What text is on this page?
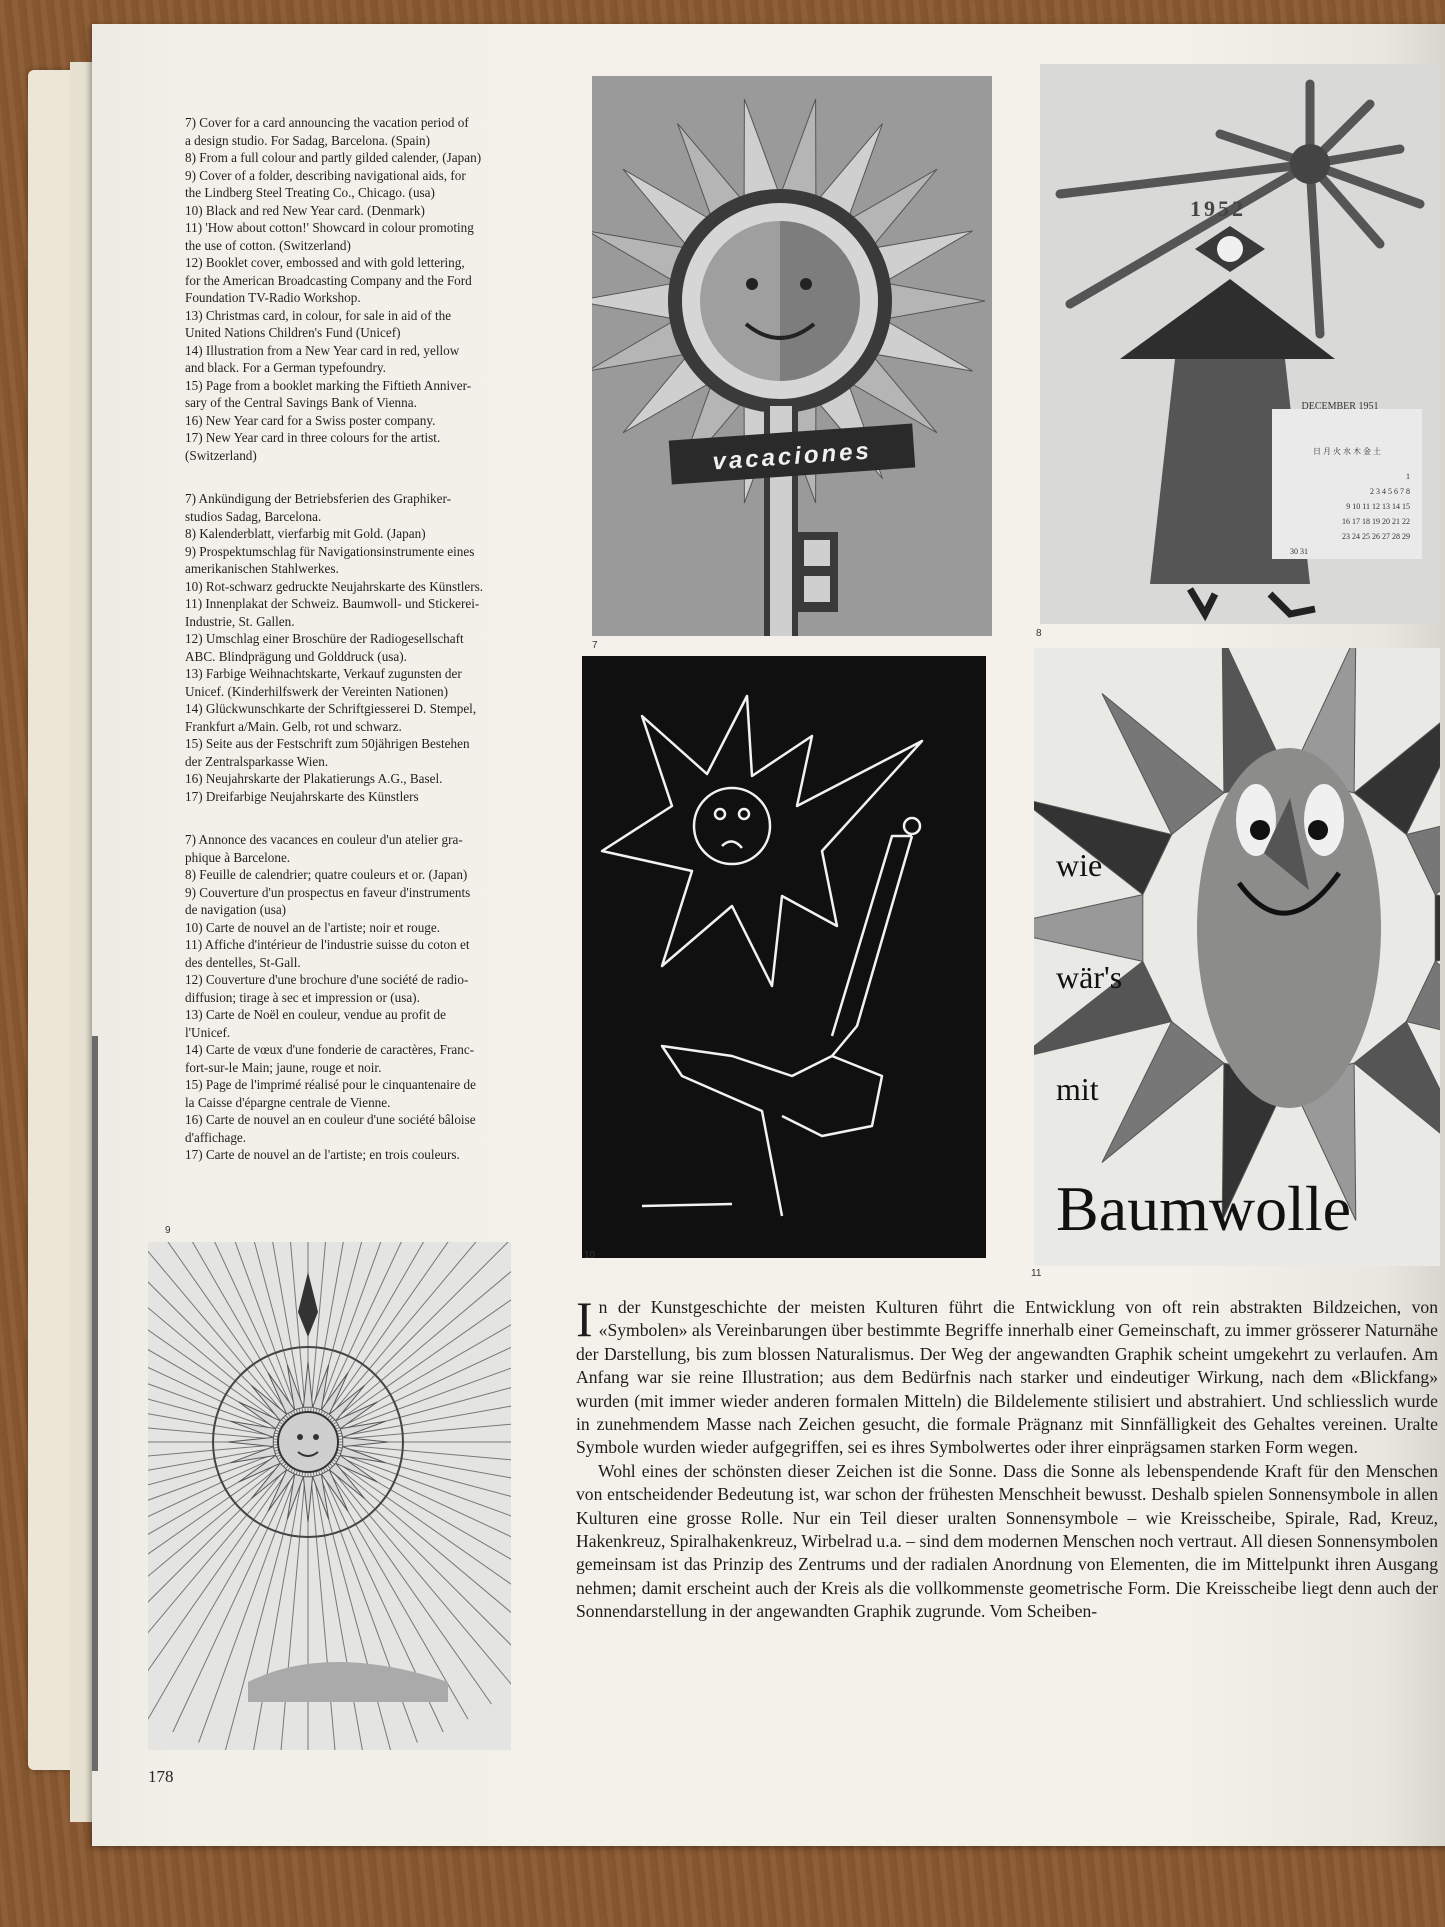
7) Cover for a card announcing the vacation period of

a design studio. For Sadag, Barcelona. (Spain)

8) From a full colour and partly gilded calender, (Japan)

9) Cover of a folder, describing navigational aids, for

the Lindberg Steel Treating Co., Chicago. (usa)

10) Black and red New Year card. (Denmark)

11) 'How about cotton!' Showcard in colour promoting

the use of cotton. (Switzerland)

12) Booklet cover, embossed and with gold lettering,

for the American Broadcasting Company and the Ford

Foundation TV-Radio Workshop.

13) Christmas card, in colour, for sale in aid of the

United Nations Children's Fund (Unicef)

14) Illustration from a New Year card in red, yellow

and black. For a German typefoundry.

15) Page from a booklet marking the Fiftieth Anniver-

sary of the Central Savings Bank of Vienna.

16) New Year card for a Swiss poster company.

17) New Year card in three colours for the artist.

(Switzerland)

7) Ankündigung der Betriebsferien des Graphiker-

studios Sadag, Barcelona.

8) Kalenderblatt, vierfarbig mit Gold. (Japan)

9) Prospektumschlag für Navigationsinstrumente eines

amerikanischen Stahlwerkes.

10) Rot-schwarz gedruckte Neujahrskarte des Künstlers.

11) Innenplakat der Schweiz. Baumwoll- und Stickerei-

Industrie, St. Gallen.

12) Umschlag einer Broschüre der Radiogesellschaft

ABC. Blindprägung und Golddruck (usa).

13) Farbige Weihnachtskarte, Verkauf zugunsten der

Unicef. (Kinderhilfswerk der Vereinten Nationen)

14) Glückwunschkarte der Schriftgiesserei D. Stempel,

Frankfurt a/Main. Gelb, rot und schwarz.

15) Seite aus der Festschrift zum 50jährigen Bestehen

der Zentralsparkasse Wien.

16) Neujahrskarte der Plakatierungs A.G., Basel.

17) Dreifarbige Neujahrskarte des Künstlers

7) Annonce des vacances en couleur d'un atelier gra-

phique à Barcelone.

8) Feuille de calendrier; quatre couleurs et or. (Japan)

9) Couverture d'un prospectus en faveur d'instruments

de navigation (usa)

10) Carte de nouvel an de l'artiste; noir et rouge.

11) Affiche d'intérieur de l'industrie suisse du coton et

des dentelles, St-Gall.

12) Couverture d'une brochure d'une société de radio-

diffusion; tirage à sec et impression or (usa).

13) Carte de Noël en couleur, vendue au profit de

l'Unicef.

14) Carte de vœux d'une fonderie de caractères, Franc-

fort-sur-le Main; jaune, rouge et noir.

15) Page de l'imprimé réalisé pour le cinquantenaire de

la Caisse d'épargne centrale de Vienne.

16) Carte de nouvel an en couleur d'une société bâloise

d'affichage.

17) Carte de nouvel an de l'artiste; en trois couleurs.

vacaciones
7
1952
DECEMBER 1951
日 月 火 水 木 金 土
1
2 3 4 5 6 7 8
9 10 11 12 13 14 15
16 17 18 19 20 21 22
23 24 25 26 27 28 29
30 31
8
10
wie
wär's
mit
Baumwolle
11
9

In der Kunstgeschichte der meisten Kulturen führt die Entwicklung von oft rein abstrakten Bildzeichen, von «Symbolen» als Vereinbarungen über bestimmte Begriffe innerhalb einer Gemeinschaft, zu immer grösserer Naturnähe der Darstellung, bis zum blossen Naturalismus. Der Weg der angewandten Graphik scheint umgekehrt zu verlaufen. Am Anfang war sie reine Illustration; aus dem Bedürfnis nach starker und eindeutiger Wirkung, nach dem «Blickfang» wurden (mit immer wieder anderen formalen Mitteln) die Bildelemente stilisiert und abstrahiert. Und schliesslich wurde in zunehmendem Masse nach Zeichen gesucht, die formale Prägnanz mit Sinnfälligkeit des Gehaltes vereinen. Uralte Symbole wurden wieder aufgegriffen, sei es ihres Symbolwertes oder ihrer einprägsamen starken Form wegen.

Wohl eines der schönsten dieser Zeichen ist die Sonne. Dass die Sonne als lebenspendende Kraft für den Menschen von entscheidender Bedeutung ist, war schon der frühesten Menschheit bewusst. Deshalb spielen Sonnensymbole in allen Kulturen eine grosse Rolle. Nur ein Teil dieser uralten Sonnensymbole – wie Kreisscheibe, Spirale, Rad, Kreuz, Hakenkreuz, Spiralhakenkreuz, Wirbelrad u.a. – sind dem modernen Menschen noch vertraut. All diesen Sonnensymbolen gemeinsam ist das Prinzip des Zentrums und der radialen Anordnung von Elementen, die im Mittelpunkt ihren Ausgang nehmen; damit erscheint auch der Kreis als die vollkommenste geometrische Form. Die Kreisscheibe liegt denn auch der Sonnendarstellung in der angewandten Graphik zugrunde. Vom Scheiben-

178
